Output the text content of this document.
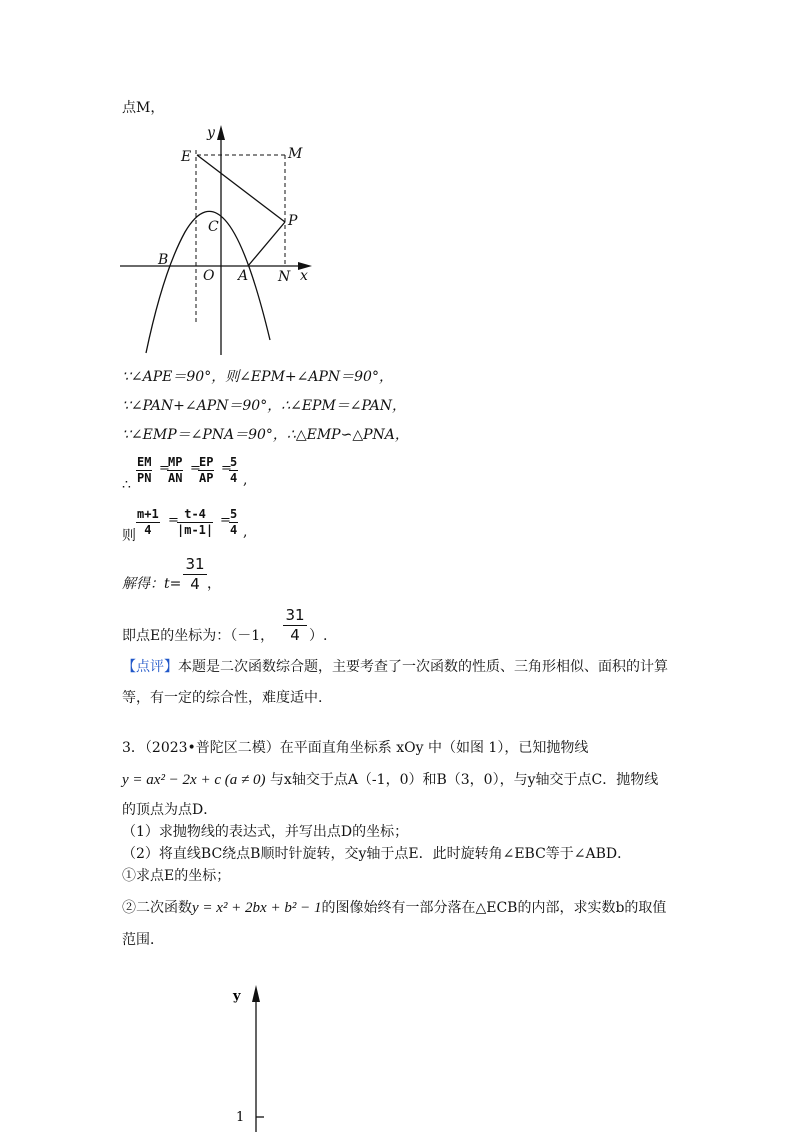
点M，
y
E	M
C	P
B
O A N x
∵∠APE＝90°，则∠EPM+∠APN＝90°，
∵∠PAN+∠APN＝90°，∴∠EPM＝∠PAN，
∵∠EMP＝∠PNA＝90°，∴△EMP∽△PNA，
∴ $\frac{EM}{PN}$ =
$\frac{MP}{AN}$ =
$\frac{EP}{AP}$ =
$\frac{5}{4}$ ,
则 $\frac{m+1}{4}$ =
$\frac{t-4}{|m-1|}$ =
$\frac{5}{4}$ ,
解得：$t= \frac{31}{4}$ ，
即点E的坐标为：（－1， $\frac{31}{4}$ ）.
【点评】本题是二次函数综合题，主要考查了一次函数的性质、三角形相似、面积的计算
等，有一定的综合性，难度适中.
3．（2023•普陀区二模）在平面直角坐标系 xOy 中（如图 1），已知抛物线
y = ax² − 2x + c (a ≠ 0) 与x轴交于点A（-1，0）和B（3，0），与y轴交于点C．抛物线
的顶点为点D．
（1）求抛物线的表达式，并写出点D的坐标；
（2）将直线BC绕点B顺时针旋转，交y轴于点E．此时旋转角∠EBC等于∠ABD．
①求点E的坐标；
②二次函数y = x² + 2bx + b² − 1的图像始终有一部分落在△ECB的内部，求实数b的取值
范围．
y
1
